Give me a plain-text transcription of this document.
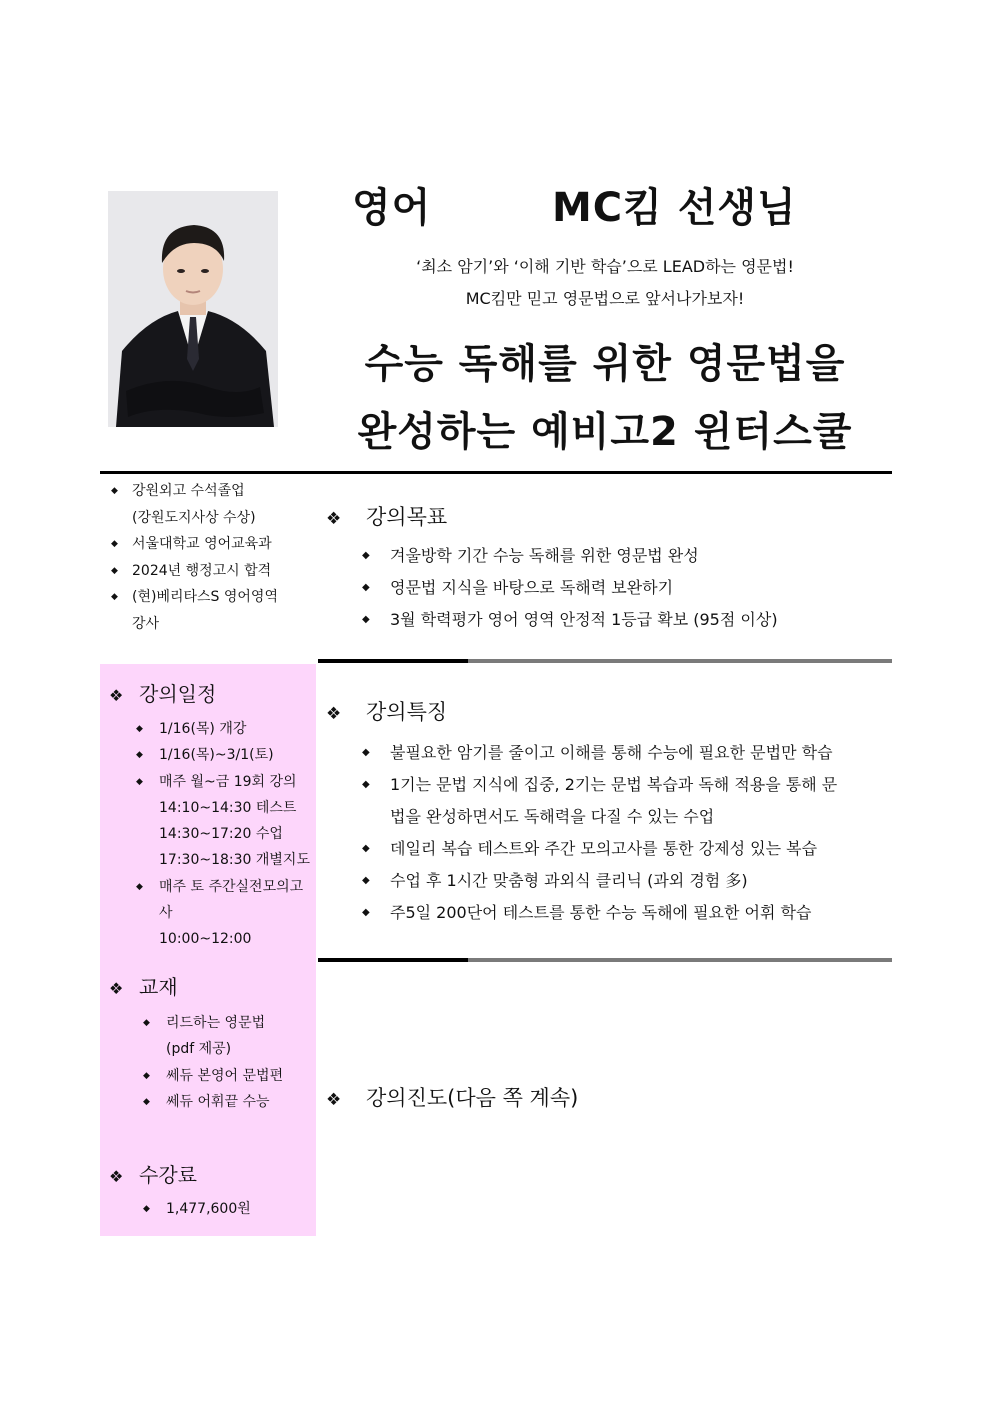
영어	MC킴 선생님
‘최소 암기’와 ‘이해 기반 학습’으로 LEAD하는 영문법!
MC킴만 믿고 영문법으로 앞서나가보자!
수능 독해를 위한 영문법을
완성하는 예비고2 윈터스쿨
◆ 강원외고 수석졸업
(강원도지사상 수상)
◆ 서울대학교 영어교육과
◆ 2024년 행정고시 합격
◆ (현)베리타스S 영어영역
강사
❖ 강의일정
◆ 1/16(목) 개강
◆ 1/16(목)~3/1(토)
◆ 매주 월~금 19회 강의
14:10~14:30 테스트
14:30~17:20 수업
17:30~18:30 개별지도
◆ 매주 토 주간실전모의고사
10:00~12:00
❖ 교재
◆ 리드하는 영문법
(pdf 제공)
◆ 쎄듀 본영어 문법편
◆ 쎄듀 어휘끝 수능
❖ 수강료
◆ 1,477,600원
❖ 강의목표
◆ 겨울방학 기간 수능 독해를 위한 영문법 완성
◆ 영문법 지식을 바탕으로 독해력 보완하기
◆ 3월 학력평가 영어 영역 안정적 1등급 확보 (95점 이상)
❖ 강의특징
◆ 불필요한 암기를 줄이고 이해를 통해 수능에 필요한 문법만 학습
◆ 1기는 문법 지식에 집중, 2기는 문법 복습과 독해 적용을 통해 문
법을 완성하면서도 독해력을 다질 수 있는 수업
◆ 데일리 복습 테스트와 주간 모의고사를 통한 강제성 있는 복습
◆ 수업 후 1시간 맞춤형 과외식 클리닉 (과외 경험 多)
◆ 주5일 200단어 테스트를 통한 수능 독해에 필요한 어휘 학습
❖ 강의진도(다음 쪽 계속)
